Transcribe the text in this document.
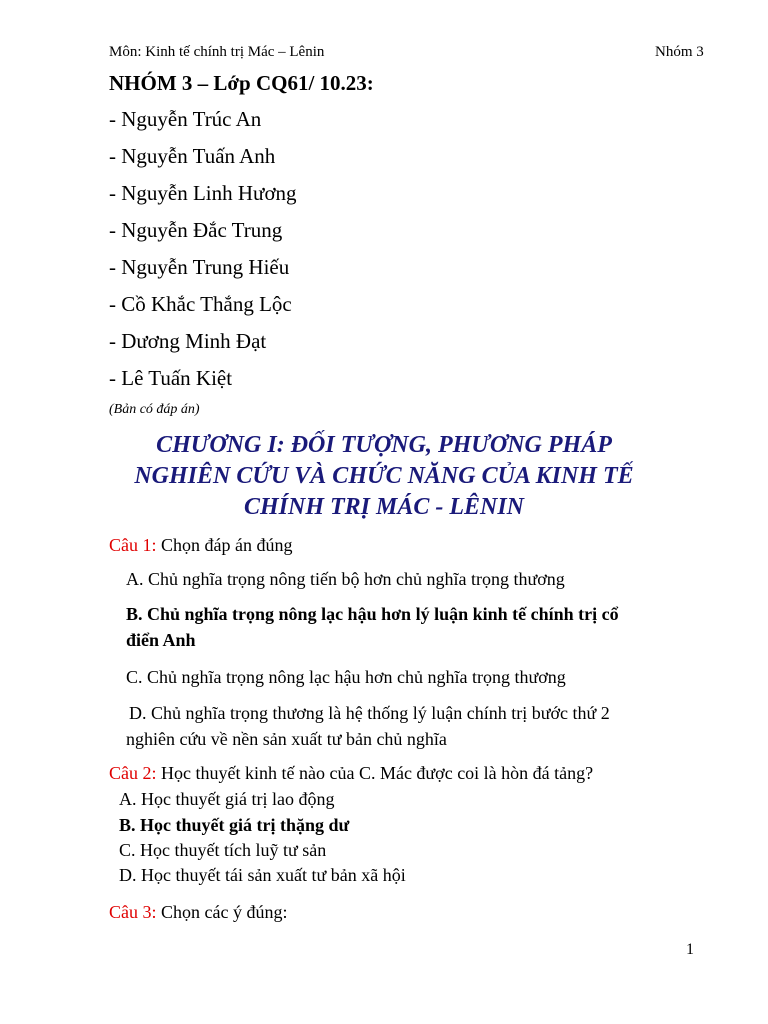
Môn: Kinh tế chính trị Mác – Lênin	Nhóm 3
NHÓM 3 – Lớp CQ61/ 10.23:
- Nguyễn Trúc An
- Nguyễn Tuấn Anh
- Nguyễn Linh Hương
- Nguyễn Đắc Trung
- Nguyễn Trung Hiếu
- Cồ Khắc Thắng Lộc
- Dương Minh Đạt
- Lê Tuấn Kiệt
(Bản có đáp án)
CHƯƠNG I: ĐỐI TƯỢNG, PHƯƠNG PHÁP
NGHIÊN CỨU VÀ CHỨC NĂNG CỦA KINH TẾ
CHÍNH TRỊ MÁC - LÊNIN
Câu 1: Chọn đáp án đúng
A. Chủ nghĩa trọng nông tiến bộ hơn chủ nghĩa trọng thương
B. Chủ nghĩa trọng nông lạc hậu hơn lý luận kinh tế chính trị cổ
điển Anh
C. Chủ nghĩa trọng nông lạc hậu hơn chủ nghĩa trọng thương
D. Chủ nghĩa trọng thương là hệ thống lý luận chính trị bước thứ 2
nghiên cứu về nền sản xuất tư bản chủ nghĩa
Câu 2: Học thuyết kinh tế nào của C. Mác được coi là hòn đá tảng?
A. Học thuyết giá trị lao động
B. Học thuyết giá trị thặng dư
C. Học thuyết tích luỹ tư sản
D. Học thuyết tái sản xuất tư bản xã hội
Câu 3: Chọn các ý đúng:
1
